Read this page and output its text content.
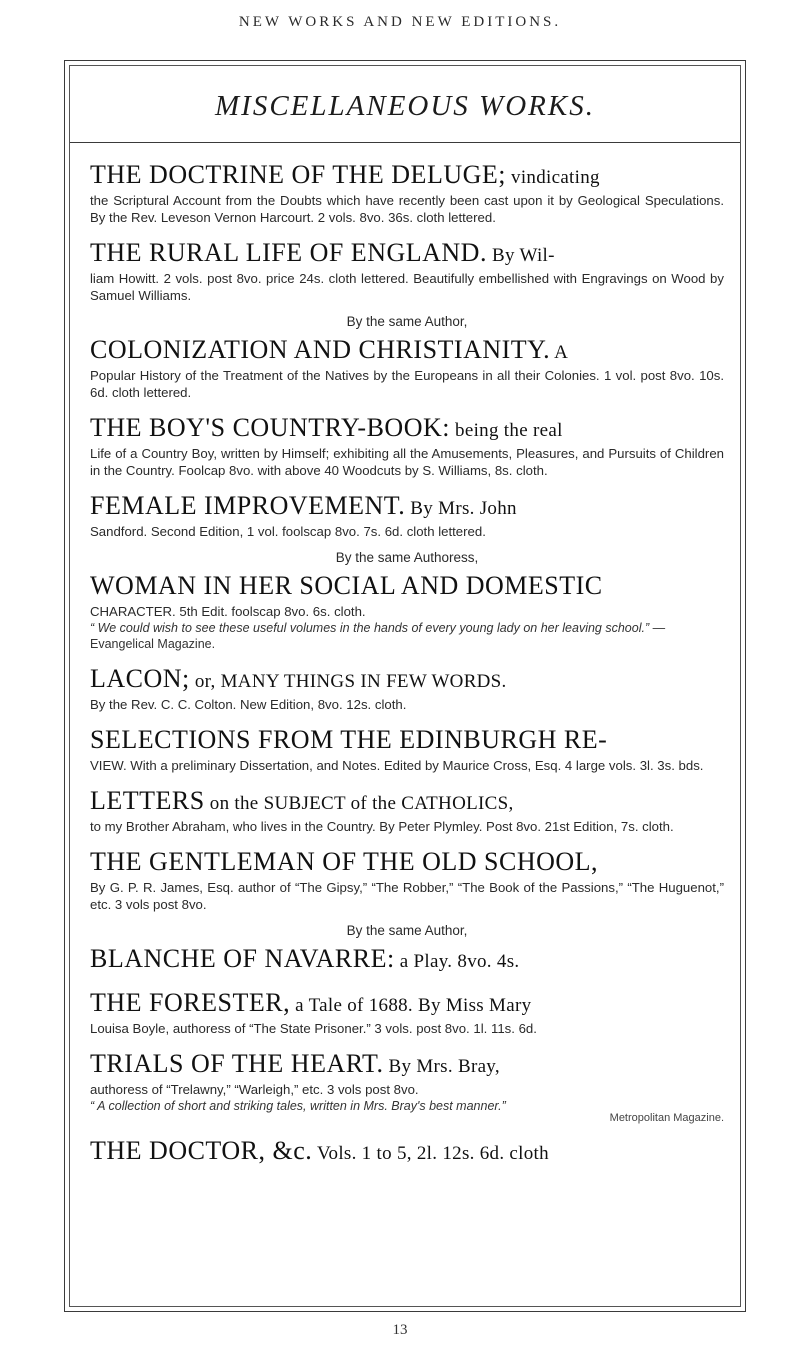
NEW WORKS AND NEW EDITIONS.
MISCELLANEOUS WORKS.
THE DOCTRINE OF THE DELUGE; vindicating
the Scriptural Account from the Doubts which have recently been cast upon it by Geological Speculations. By the Rev. Leveson Vernon Harcourt. 2 vols. 8vo. 36s. cloth lettered.
THE RURAL LIFE OF ENGLAND. By Wil-
liam Howitt. 2 vols. post 8vo. price 24s. cloth lettered. Beautifully embellished with Engravings on Wood by Samuel Williams.
By the same Author,
COLONIZATION AND CHRISTIANITY. A
Popular History of the Treatment of the Natives by the Europeans in all their Colonies. 1 vol. post 8vo. 10s. 6d. cloth lettered.
THE BOY'S COUNTRY-BOOK: being the real
Life of a Country Boy, written by Himself; exhibiting all the Amusements, Pleasures, and Pursuits of Children in the Country. Foolcap 8vo. with above 40 Woodcuts by S. Williams, 8s. cloth.
FEMALE IMPROVEMENT. By Mrs. John
Sandford. Second Edition, 1 vol. foolscap 8vo. 7s. 6d. cloth lettered.
By the same Authoress,
WOMAN IN HER SOCIAL AND DOMESTIC
CHARACTER. 5th Edit. foolscap 8vo. 6s. cloth.
“ We could wish to see these useful volumes in the hands of every young lady on her leaving school.” —Evangelical Magazine.
LACON; or, MANY THINGS IN FEW WORDS.
By the Rev. C. C. Colton. New Edition, 8vo. 12s. cloth.
SELECTIONS FROM THE EDINBURGH RE-
VIEW. With a preliminary Dissertation, and Notes. Edited by Maurice Cross, Esq. 4 large vols. 3l. 3s. bds.
LETTERS on the SUBJECT of the CATHOLICS,
to my Brother Abraham, who lives in the Country. By Peter Plymley. Post 8vo. 21st Edition, 7s. cloth.
THE GENTLEMAN OF THE OLD SCHOOL,
By G. P. R. James, Esq. author of “The Gipsy,” “The Robber,” “The Book of the Passions,” “The Huguenot,” etc. 3 vols post 8vo.
By the same Author,
BLANCHE OF NAVARRE: a Play. 8vo. 4s.
THE FORESTER, a Tale of 1688. By Miss Mary
Louisa Boyle, authoress of “The State Prisoner.” 3 vols. post 8vo. 1l. 11s. 6d.
TRIALS OF THE HEART. By Mrs. Bray,
authoress of “Trelawny,” “Warleigh,” etc. 3 vols post 8vo.
“ A collection of short and striking tales, written in Mrs. Bray's best manner.”
Metropolitan Magazine.
THE DOCTOR, &c. Vols. 1 to 5, 2l. 12s. 6d. cloth
13
